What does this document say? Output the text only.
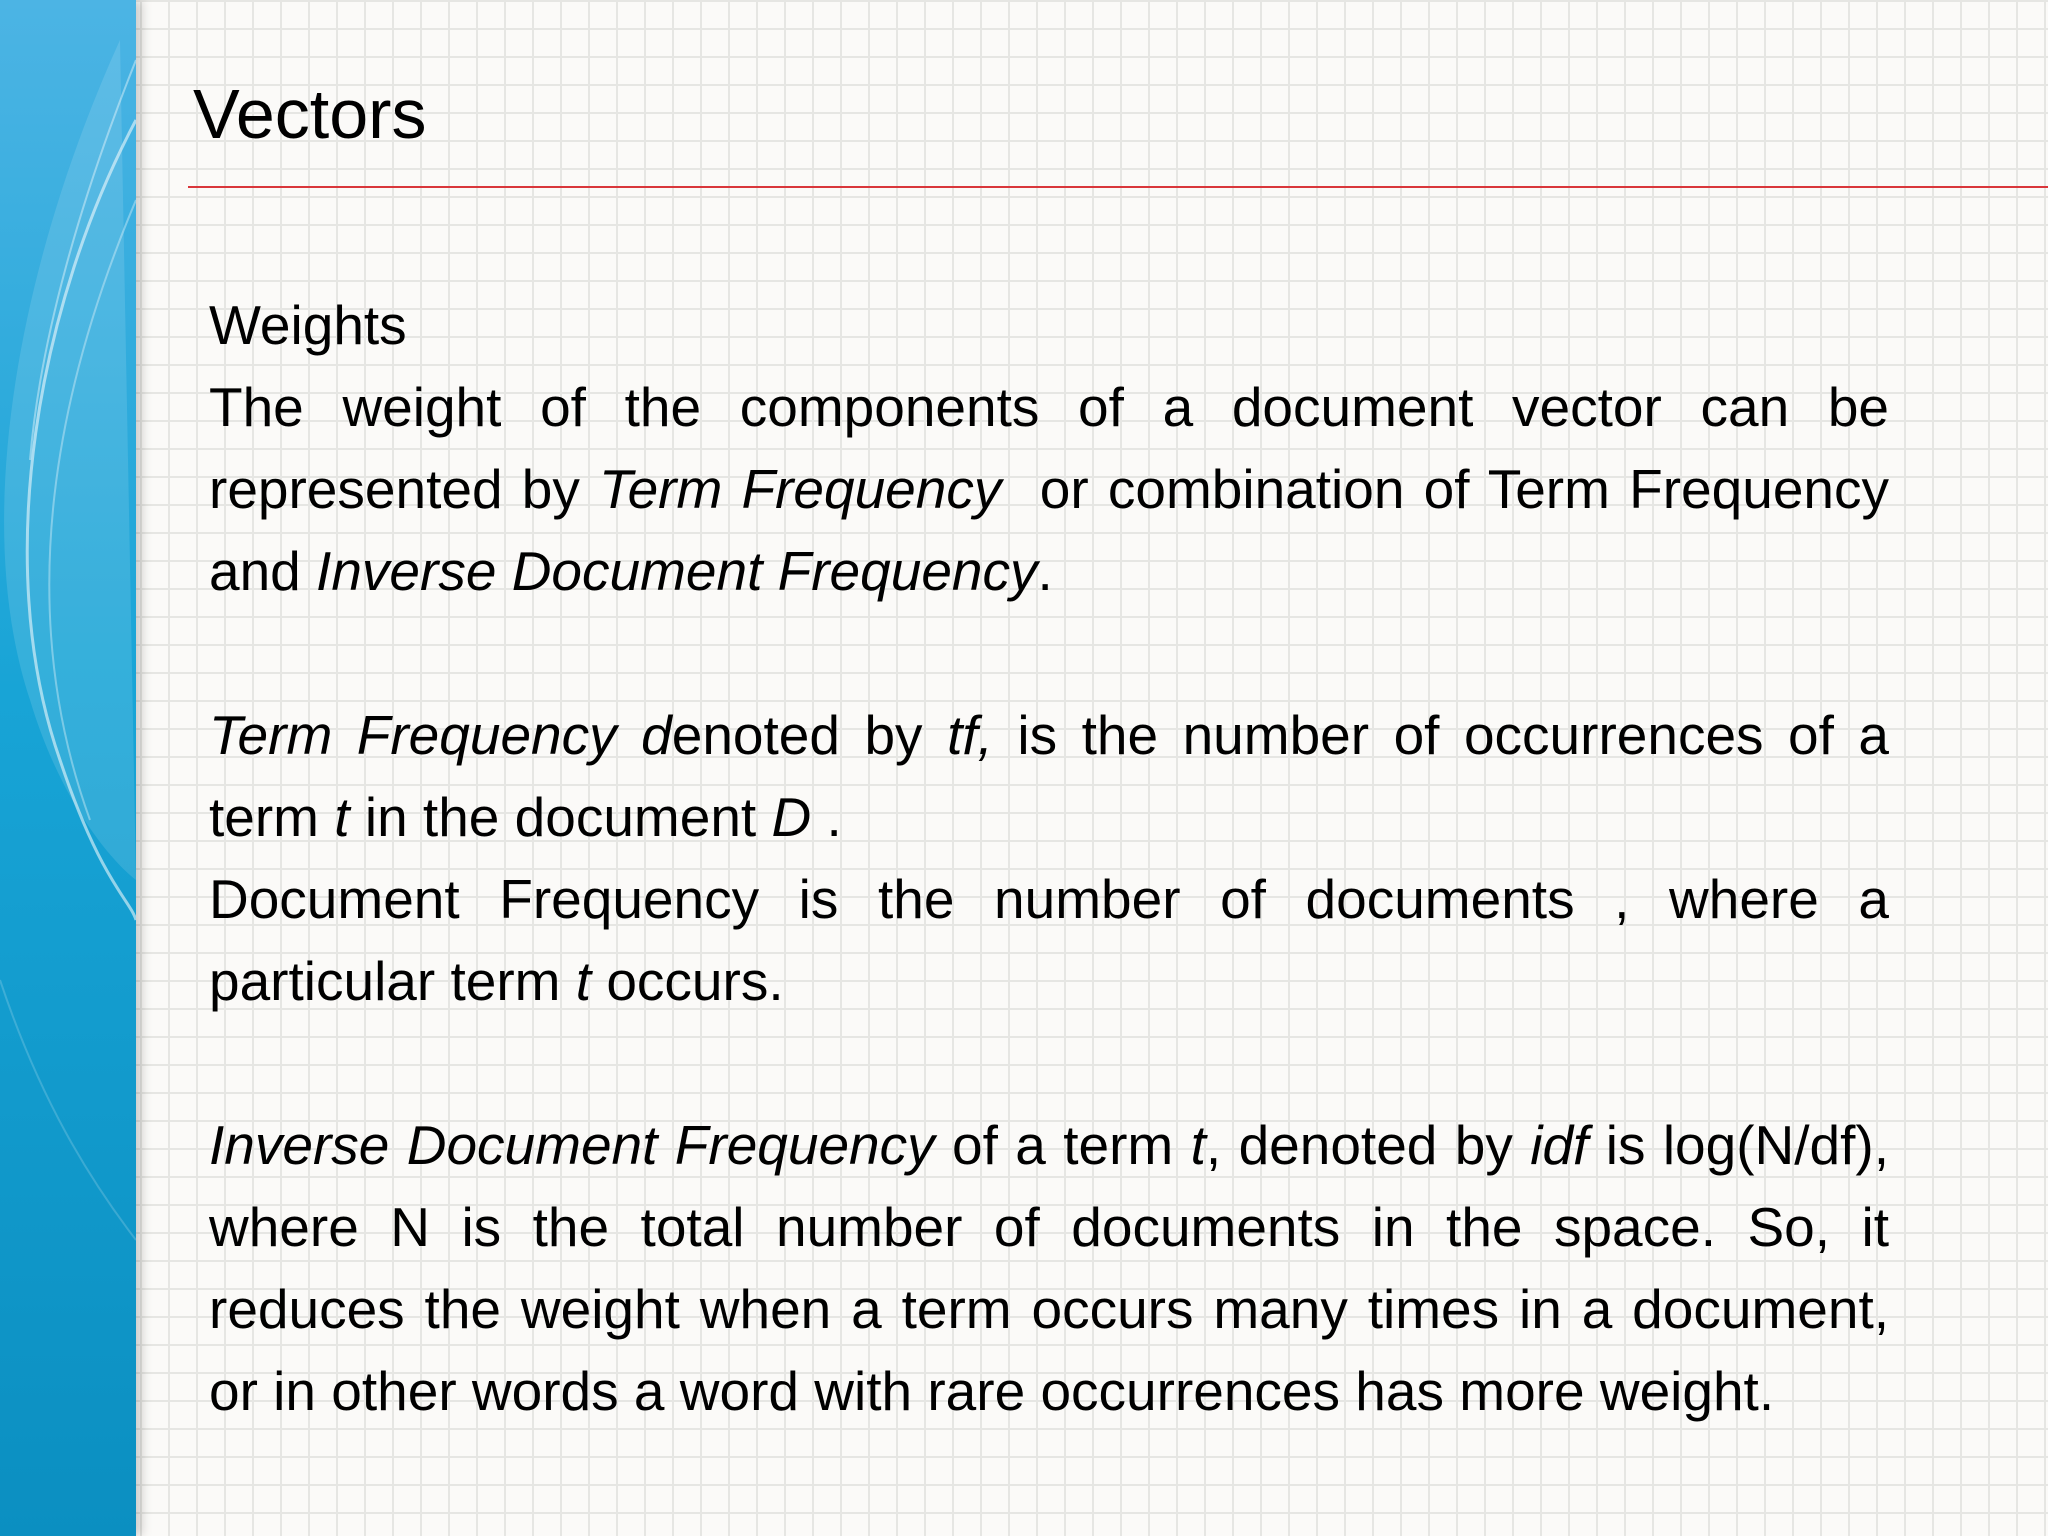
Vectors

Weights

The weight of the components of a document vector can be represented by Term Frequency  or combination of Term Frequency and Inverse Document Frequency.

Term Frequency denoted by tf, is the number of occurrences of a term t in the document D .

Document Frequency is the number of documents , where a particular term t occurs.

Inverse Document Frequency of a term t, denoted by idf is log(N/df), where N is the total number of documents in the space. So, it reduces the weight when a term occurs many times in a document, or in other words a word with rare occurrences has more weight.
